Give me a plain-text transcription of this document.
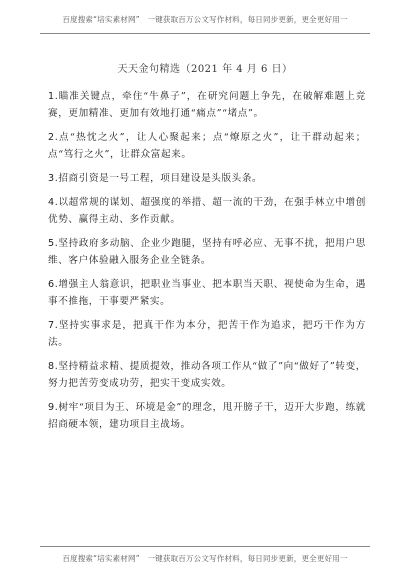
百度搜索“培实素材网”　一键获取百万公文写作材料，每日同步更新，更全更好用一
天天金句精选（2021 年 4 月 6 日）

1.瞄准关键点，牵住“牛鼻子”，在研究问题上争先，在破解难题上竞赛，更加精准、更加有效地打通“痛点”“堵点”。

2.点“热忱之火”，让人心聚起来；点“燎原之火”，让干群动起来；点“笃行之火”，让群众富起来。

3.招商引资是一号工程，项目建设是头版头条。

4.以超常规的谋划、超强度的举措、超一流的干劲，在强手林立中增创优势、赢得主动、多作贡献。

5.坚持政府多动脑、企业少跑腿，坚持有呼必应、无事不扰，把用户思维、客户体验融入服务企业全链条。

6.增强主人翁意识，把职业当事业、把本职当天职、视使命为生命，遇事不推拖，干事要严紧实。

7.坚持实事求是，把真干作为本分，把苦干作为追求，把巧干作为方法。

8.坚持精益求精、提质提效，推动各项工作从“做了”向“做好了”转变，努力把苦劳变成功劳，把实干变成实效。

9.树牢“项目为王、环境是金”的理念，甩开膀子干，迈开大步跑，练就招商硬本领，建功项目主战场。

百度搜索“培实素材网”　一键获取百万公文写作材料，每日同步更新，更全更好用一
